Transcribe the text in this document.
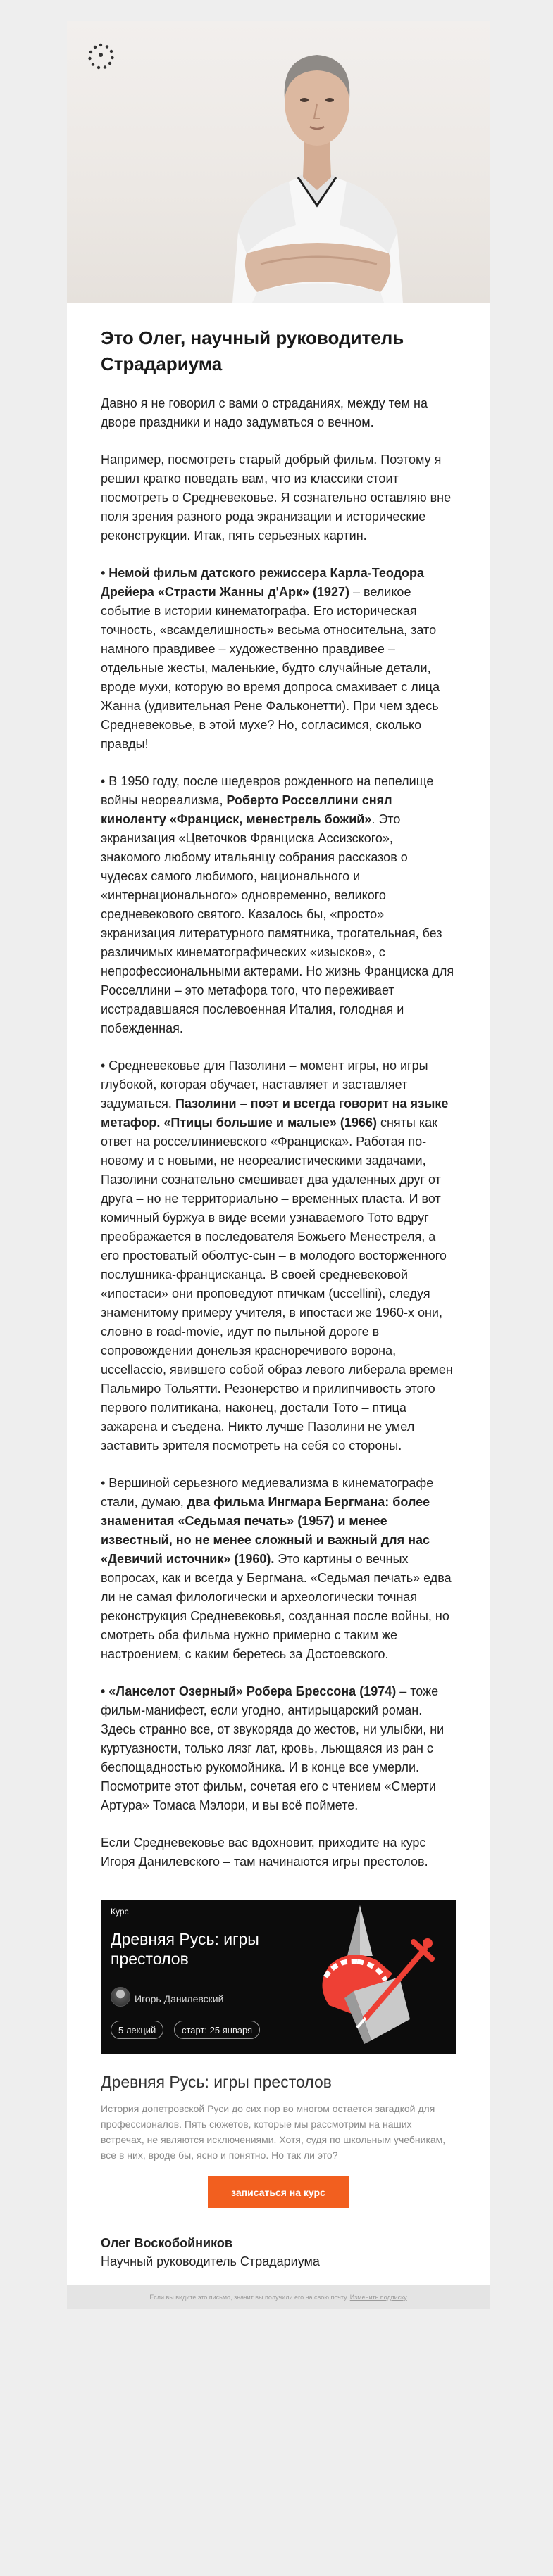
Это Олег, научный руководитель Страдариума

Давно я не говорил с вами о страданиях, между тем на дворе праздники и надо задуматься о вечном.

Например, посмотреть старый добрый фильм. Поэтому я решил кратко поведать вам, что из классики стоит посмотреть о Средневековье. Я сознательно оставляю вне поля зрения разного рода экранизации и исторические реконструкции. Итак, пять серьезных картин.

• Немой фильм датского режиссера Карла-Теодора Дрейера «Страсти Жанны д'Арк» (1927) – великое событие в истории кинематографа. Его историческая точность, «всамделишность» весьма относительна, зато намного правдивее – художественно правдивее – отдельные жесты, маленькие, будто случайные детали, вроде мухи, которую во время допроса смахивает с лица Жанна (удивительная Рене Фальконетти). При чем здесь Средневековье, в этой мухе? Но, согласимся, сколько правды!

• В 1950 году, после шедевров рожденного на пепелище войны неореализма, Роберто Росселлини снял киноленту «Франциск, менестрель божий». Это экранизация «Цветочков Франциска Ассизского», знакомого любому итальянцу собрания рассказов о чудесах самого любимого, национального и «интернационального» одновременно, великого средневекового святого. Казалось бы, «просто» экранизация литературного памятника, трогательная, без различимых кинематографических «изысков», с непрофессиональными актерами. Но жизнь Франциска для Росселлини – это метафора того, что переживает исстрадавшаяся послевоенная Италия, голодная и побежденная.

• Средневековье для Пазолини – момент игры, но игры глубокой, которая обучает, наставляет и заставляет задуматься. Пазолини – поэт и всегда говорит на языке метафор. «Птицы большие и малые» (1966) сняты как ответ на росселлиниевского «Франциска». Работая по-новому и с новыми, не неореалистическими задачами, Пазолини сознательно смешивает два удаленных друг от друга – но не территориально – временных пласта. И вот комичный буржуа в виде всеми узнаваемого Тото вдруг преображается в последователя Божьего Менестреля, а его простоватый оболтус-сын – в молодого восторженного послушника-францисканца. В своей средневековой «ипостаси» они проповедуют птичкам (uccellini), следуя знаменитому примеру учителя, в ипостаси же 1960-х они, словно в road-movie, идут по пыльной дороге в сопровождении донельзя красноречивого ворона, uccellaccio, явившего собой образ левого либерала времен Пальмиро Тольятти. Резонерство и прилипчивость этого первого политикана, наконец, достали Тото – птица зажарена и съедена. Никто лучше Пазолини не умел заставить зрителя посмотреть на себя со стороны.

• Вершиной серьезного медиевализма в кинематографе стали, думаю, два фильма Ингмара Бергмана: более знаменитая «Седьмая печать» (1957) и менее известный, но не менее сложный и важный для нас «Девичий источник» (1960). Это картины о вечных вопросах, как и всегда у Бергмана. «Седьмая печать» едва ли не самая филологически и археологически точная реконструкция Средневековья, созданная после войны, но смотреть оба фильма нужно примерно с таким же настроением, с каким беретесь за Достоевского.

• «Ланселот Озерный» Робера Брессона (1974) – тоже фильм-манифест, если угодно, антирыцарский роман. Здесь странно все, от звукоряда до жестов, ни улыбки, ни куртуазности, только лязг лат, кровь, льющаяся из ран с беспощадностью рукомойника. И в конце все умерли. Посмотрите этот фильм, сочетая его с чтением «Смерти Артура» Томаса Мэлори, и вы всё поймете.

Если Средневековье вас вдохновит, приходите на курс Игоря Данилевского – там начинаются игры престолов.

Курс
Древняя Русь: игры престолов
Игорь Данилевский
5 лекций	старт: 25 января
Древняя Русь: игры престолов
История допетровской Руси до сих пор во многом остается загадкой для профессионалов. Пять сюжетов, которые мы рассмотрим на наших встречах, не являются исключениями. Хотя, судя по школьным учебникам, все в них, вроде бы, ясно и понятно. Но так ли это?
записаться на курс
Олег Воскобойников
Научный руководитель Страдариума
Если вы видите это письмо, значит вы получили его на свою почту. Изменить подписку
